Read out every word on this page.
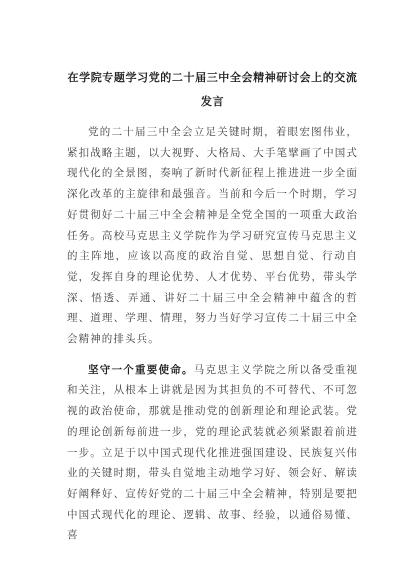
在学院专题学习党的二十届三中全会精神研讨会上的交流
发言

党的二十届三中全会立足关键时期，着眼宏图伟业，紧扣战略主题，以大视野、大格局、大手笔擘画了中国式现代化的全景图，奏响了新时代新征程上推进进一步全面深化改革的主旋律和最强音。当前和今后一个时期，学习好贯彻好二十届三中全会精神是全党全国的一项重大政治任务。高校马克思主义学院作为学习研究宣传马克思主义的主阵地，应该以高度的政治自觉、思想自觉、行动自觉，发挥自身的理论优势、人才优势、平台优势，带头学深、悟透、弄通、讲好二十届三中全会精神中蕴含的哲理、道理、学理、情理，努力当好学习宣传二十届三中全会精神的排头兵。

坚守一个重要使命。马克思主义学院之所以备受重视和关注，从根本上讲就是因为其担负的不可替代、不可忽视的政治使命，那就是推动党的创新理论和理论武装。党的理论创新每前进一步，党的理论武装就必须紧跟着前进一步。立足于以中国式现代化推进强国建设、民族复兴伟业的关键时期，带头自觉地主动地学习好、领会好、解读好阐释好、宣传好党的二十届三中全会精神，特别是要把中国式现代化的理论、逻辑、故事、经验，以通俗易懂、喜
